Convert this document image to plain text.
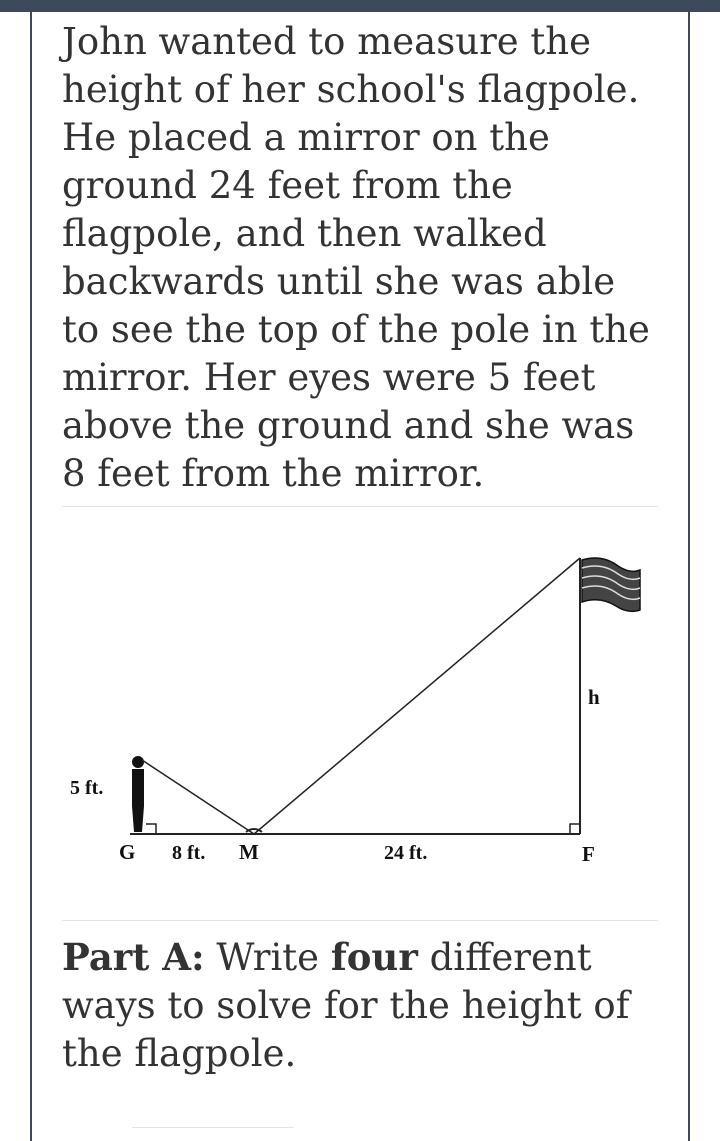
John wanted to measure the
height of her school's flagpole.
He placed a mirror on the
ground 24 feet from the
flagpole, and then walked
backwards until she was able
to see the top of the pole in the
mirror. Her eyes were 5 feet
above the ground and she was
8 feet from the mirror.

5 ft.
G 8 ft. M	24 ft.	F
h

Part A: Write four different
ways to solve for the height of
the flagpole.
